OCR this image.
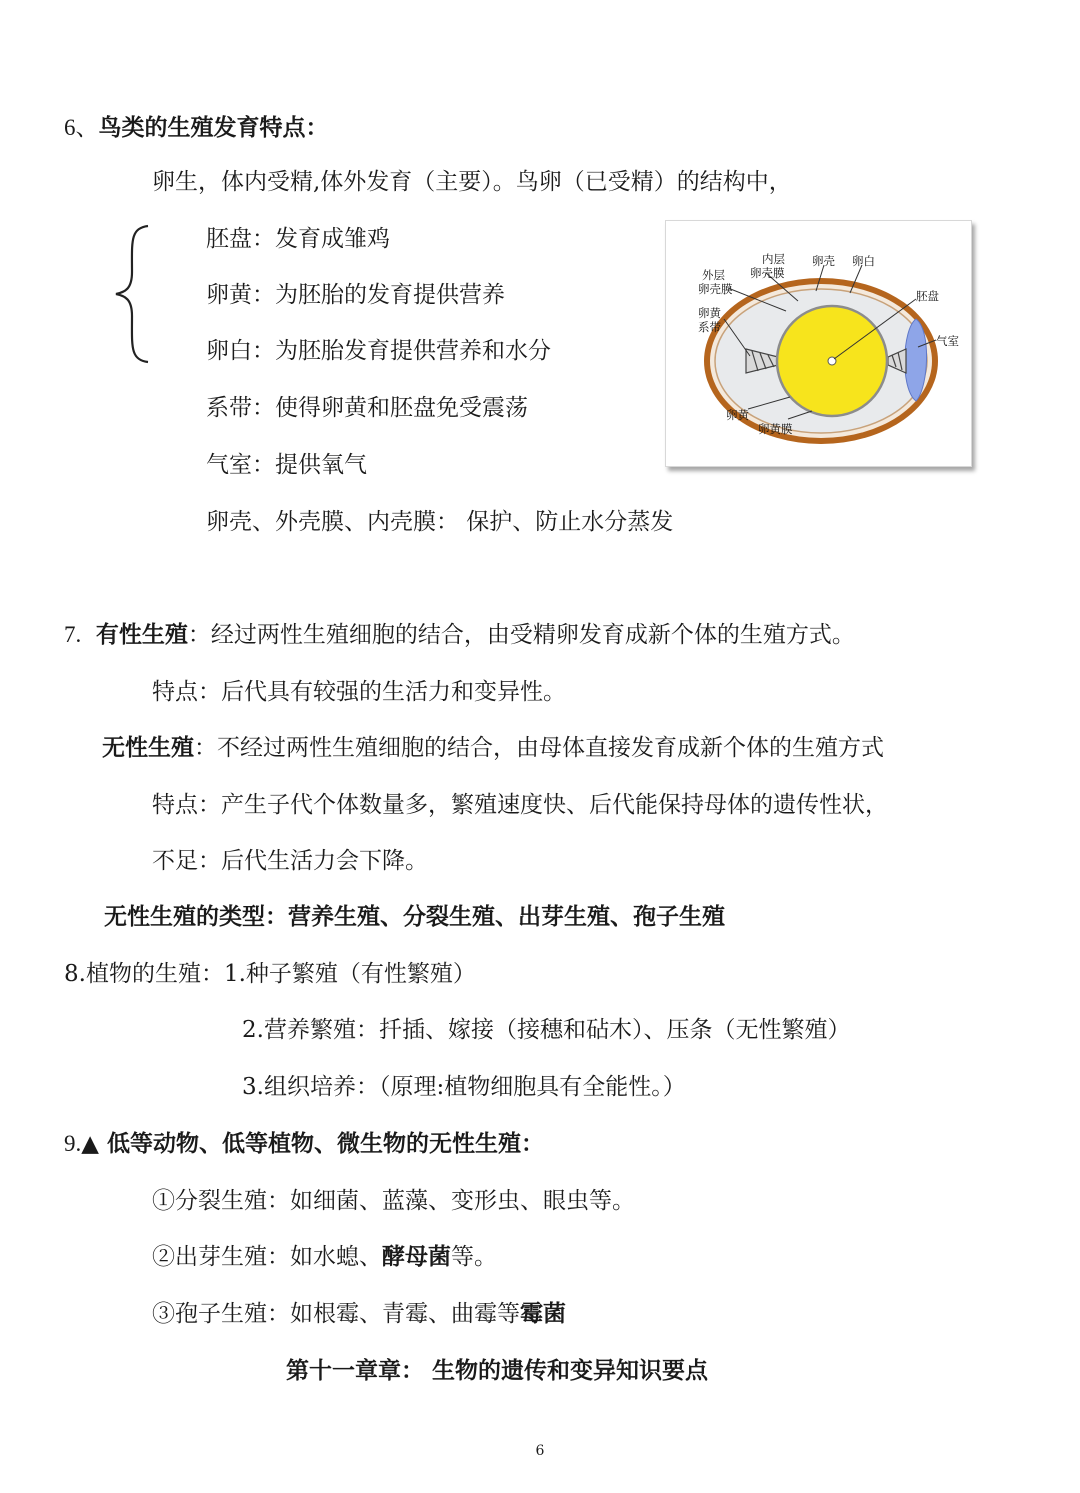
6、鸟类的生殖发育特点：
卵生，体内受精,体外发育（主要）。鸟卵（已受精）的结构中，
胚盘：发育成雏鸡
卵黄：为胚胎的发育提供营养
卵白：为胚胎发育提供营养和水分
系带：使得卵黄和胚盘免受震荡
气室：提供氧气
卵壳、外壳膜、内壳膜： 保护、防止水分蒸发
内层
卵壳膜
卵壳 卵白
外层
卵壳膜
胚盘
卵黄
系带
气室
卵黄
卵黄膜
7. 有性生殖：经过两性生殖细胞的结合，由受精卵发育成新个体的生殖方式。
特点：后代具有较强的生活力和变异性。
无性生殖：不经过两性生殖细胞的结合，由母体直接发育成新个体的生殖方式
特点：产生子代个体数量多，繁殖速度快、后代能保持母体的遗传性状，
不足：后代生活力会下降。
无性生殖的类型：营养生殖、分裂生殖、出芽生殖、孢子生殖
8.植物的生殖：1.种子繁殖（有性繁殖）
2.营养繁殖：扦插、嫁接（接穗和砧木）、压条（无性繁殖）
3.组织培养：（原理:植物细胞具有全能性。）
9.▲ 低等动物、低等植物、微生物的无性生殖：
①分裂生殖：如细菌、蓝藻、变形虫、眼虫等。
②出芽生殖：如水螅、酵母菌等。
③孢子生殖：如根霉、青霉、曲霉等霉菌
第十一章章： 生物的遗传和变异知识要点
6
